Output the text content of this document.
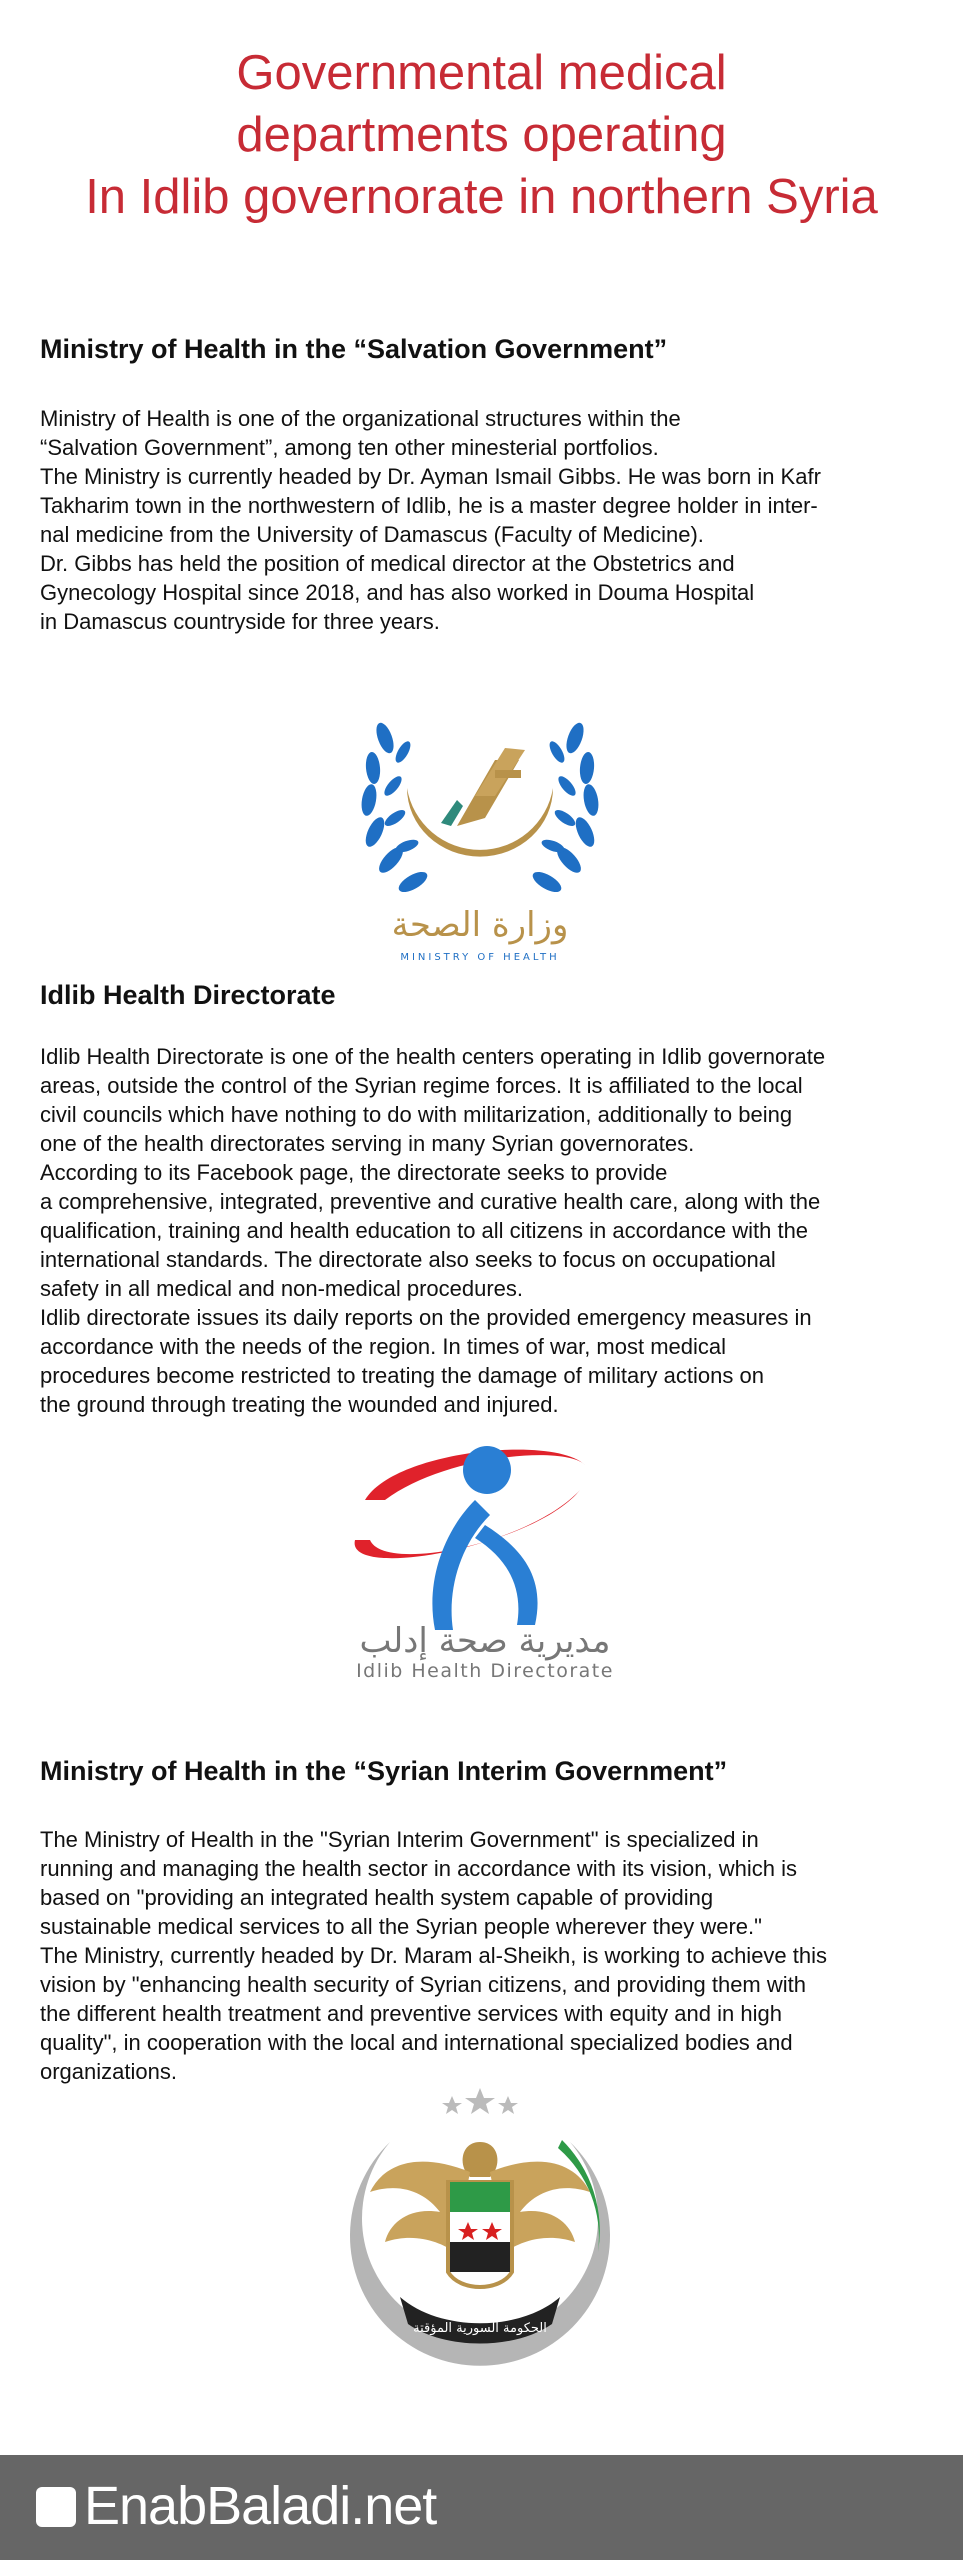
Governmental medical
departments operating
In Idlib governorate in northern Syria
Ministry of Health in the “Salvation Government”

Ministry of Health is one of the organizational structures within the
“Salvation Government”, among ten other minesterial portfolios.
The Ministry is currently headed by Dr. Ayman Ismail Gibbs. He was born in Kafr
Takharim town in the northwestern of Idlib, he is a master degree holder in inter-
nal medicine from the University of Damascus (Faculty of Medicine).
Dr. Gibbs has held the position of medical director at the Obstetrics and
Gynecology Hospital since 2018, and has also worked in Douma Hospital
in Damascus countryside for three years.

وزارة الصحة
MINISTRY OF HEALTH
Idlib Health Directorate

Idlib Health Directorate is one of the health centers operating in Idlib governorate
areas, outside the control of the Syrian regime forces. It is affiliated to the local
civil councils which have nothing to do with militarization, additionally to being
one of the health directorates serving in many Syrian governorates.
According to its Facebook page, the directorate seeks to provide
a comprehensive, integrated, preventive and curative health care, along with the
qualification, training and health education to all citizens in accordance with the
international standards. The directorate also seeks to focus on occupational
safety in all medical and non-medical procedures.
Idlib directorate issues its daily reports on the provided emergency measures in
accordance with the needs of the region. In times of war, most medical
procedures become restricted to treating the damage of military actions on
the ground through treating the wounded and injured.

مديرية صحة إدلب
Idlib Health Directorate
Ministry of Health in the “Syrian Interim Government”

The Ministry of Health in the "Syrian Interim Government" is specialized in
running and managing the health sector in accordance with its vision, which is
based on "providing an integrated health system capable of providing
sustainable medical services to all the Syrian people wherever they were."
The Ministry, currently headed by Dr. Maram al-Sheikh, is working to achieve this
vision by "enhancing health security of Syrian citizens, and providing them with
the different health treatment and preventive services with equity and in high
quality", in cooperation with the local and international specialized bodies and
organizations.

الحكومة السورية المؤقتة
EnabBaladi.net
